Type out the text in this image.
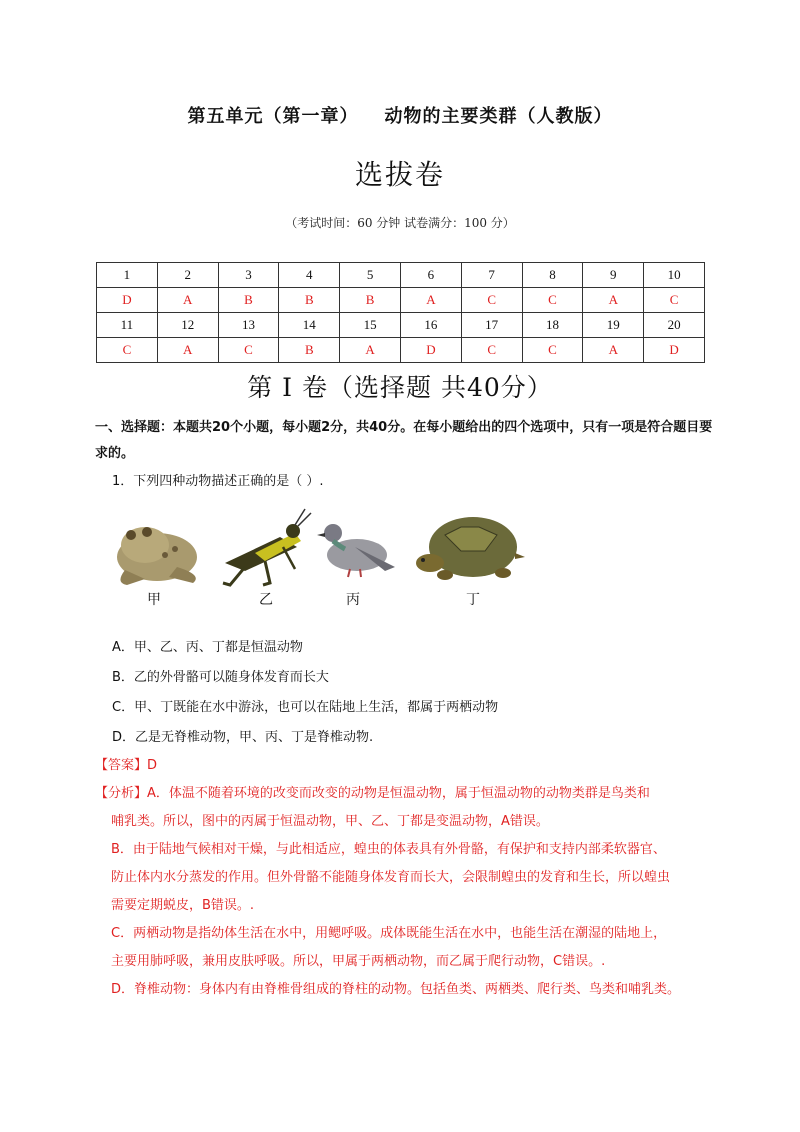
第五单元（第一章） 动物的主要类群（人教版）
选拔卷
（考试时间：60 分钟 试卷满分：100 分）
1	2	3	4	5	6	7	8	9	10
D	A	B	B	B	A	C	C	A	C
11	12	13	14	15	16	17	18	19	20
C	A	C	B	A	D	C	C	A	D
第 I 卷（选择题 共40分）
一、选择题：本题共20个小题，每小题2分，共40分。在每小题给出的四个选项中，只有一项是符合题目要求的。
1．下列四种动物描述正确的是（ ）.
甲	乙	丙	丁
A．甲、乙、丙、丁都是恒温动物
B．乙的外骨骼可以随身体发育而长大
C．甲、丁既能在水中游泳，也可以在陆地上生活，都属于两栖动物
D．乙是无脊椎动物，甲、丙、丁是脊椎动物.
【答案】D

【分析】A．体温不随着环境的改变而改变的动物是恒温动物，属于恒温动物的动物类群是鸟类和

哺乳类。所以，图中的丙属于恒温动物，甲、乙、丁都是变温动物，A错误。

B．由于陆地气候相对干燥，与此相适应，蝗虫的体表具有外骨骼，有保护和支持内部柔软器官、

防止体内水分蒸发的作用。但外骨骼不能随身体发育而长大，会限制蝗虫的发育和生长，所以蝗虫

需要定期蜕皮，B错误。.

C．两栖动物是指幼体生活在水中，用鳃呼吸。成体既能生活在水中，也能生活在潮湿的陆地上，

主要用肺呼吸，兼用皮肤呼吸。所以，甲属于两栖动物，而乙属于爬行动物，C错误。.

D．脊椎动物：身体内有由脊椎骨组成的脊柱的动物。包括鱼类、两栖类、爬行类、鸟类和哺乳类。
